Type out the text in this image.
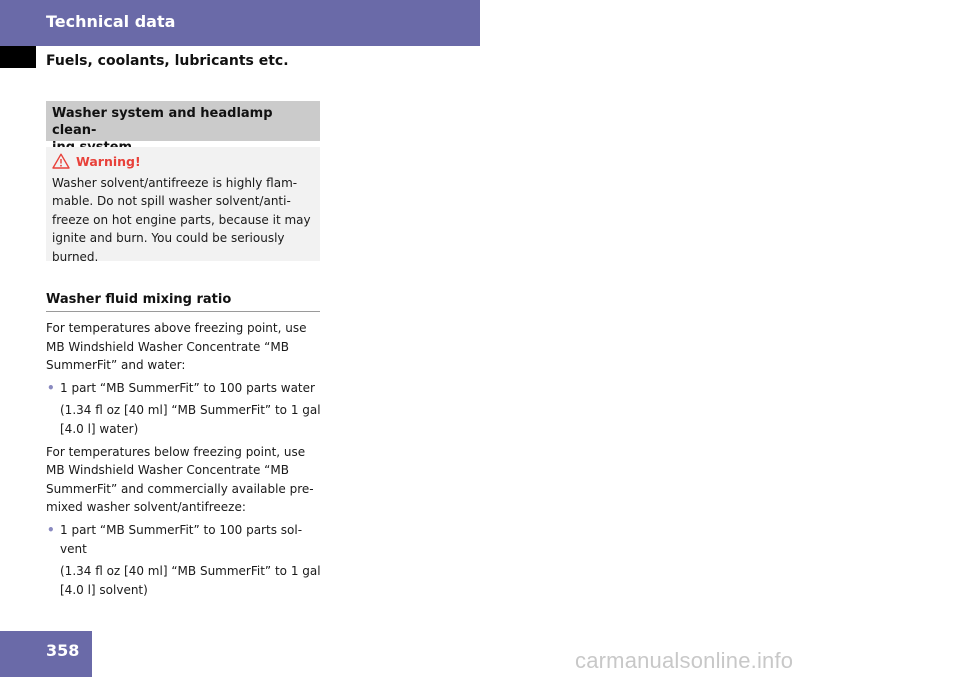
Technical data
Fuels, coolants, lubricants etc.
Washer system and headlamp clean-
Warning!
Washer solvent/antifreeze is highly flam-
mable. Do not spill washer solvent/anti-
freeze on hot engine parts, because it may
ignite and burn. You could be seriously
burned.
Washer fluid mixing ratio
For temperatures above freezing point, use
MB Windshield Washer Concentrate “MB
SummerFit” and water:
• 1 part “MB SummerFit” to 100 parts water
(1.34 fl oz [40 ml] “MB SummerFit” to 1 gal
[4.0 l] water)
For temperatures below freezing point, use
MB Windshield Washer Concentrate “MB
SummerFit” and commercially available pre-
mixed washer solvent/antifreeze:
• 1 part “MB SummerFit” to 100 parts sol-
vent
(1.34 fl oz [40 ml] “MB SummerFit” to 1 gal
[4.0 l] solvent)
358	carmanualsonline.info
